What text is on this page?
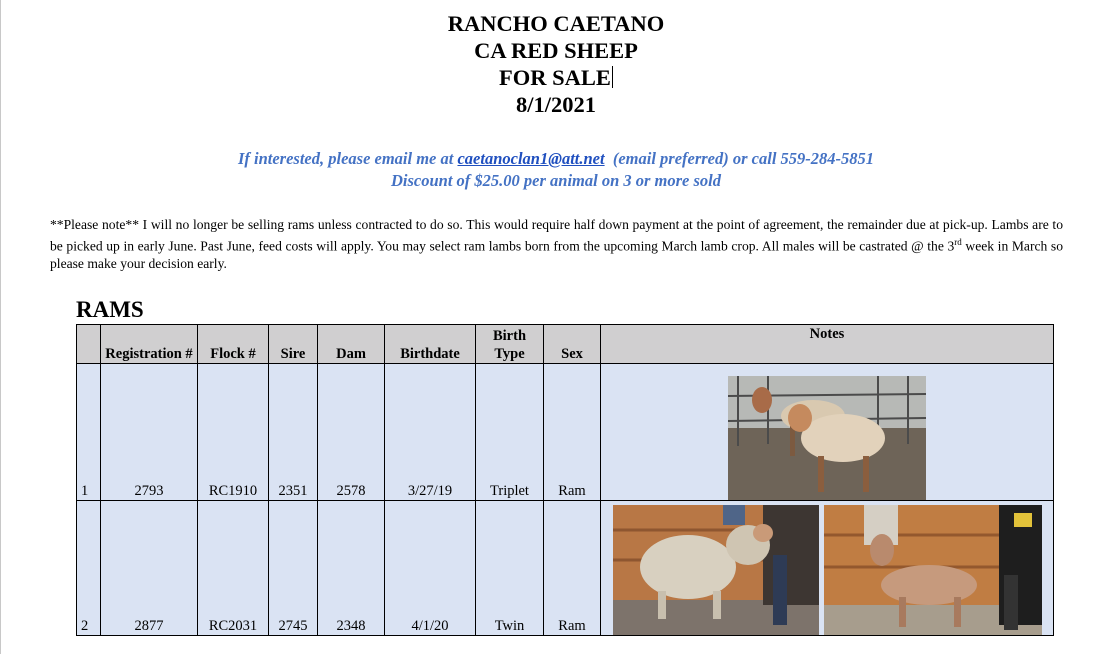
RANCHO CAETANO
CA RED SHEEP
FOR SALE
8/1/2021
If interested, please email me at caetanoclan1@att.net (email preferred) or call 559-284-5851
Discount of $25.00 per animal on 3 or more sold
**Please note** I will no longer be selling rams unless contracted to do so. This would require half down payment at the point of agreement, the remainder due at pick-up. Lambs are to be picked up in early June. Past June, feed costs will apply. You may select ram lambs born from the upcoming March lamb crop. All males will be castrated @ the 3rd week in March so please make your decision early.
RAMS
	Registration #	Flock #	Sire	Dam	Birthdate	Birth Type	Sex	Notes
1	2793	RC1910	2351	2578	3/27/19	Triplet	Ram	

2	2877	RC2031	2745	2348	4/1/20	Twin	Ram	
